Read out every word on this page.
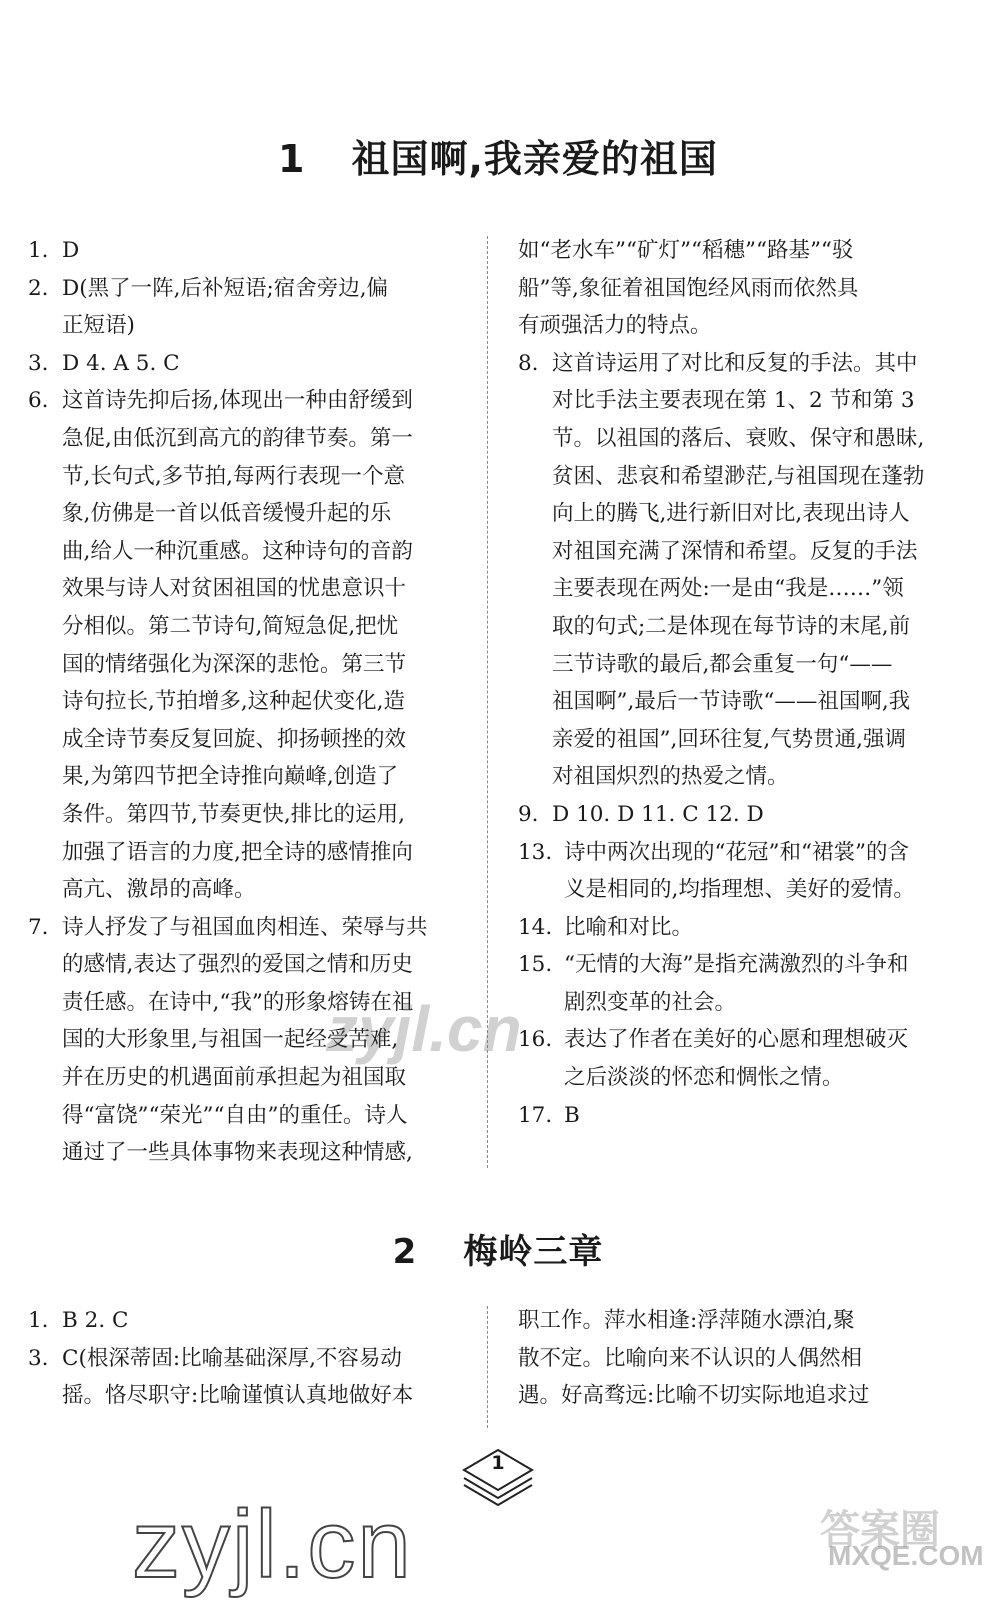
1 祖国啊,我亲爱的祖国
1. D
2. D(黑了一阵,后补短语;宿舍旁边,偏
正短语)
3. D 4. A 5. C
6. 这首诗先抑后扬,体现出一种由舒缓到
急促,由低沉到高亢的韵律节奏。第一
节,长句式,多节拍,每两行表现一个意
象,仿佛是一首以低音缓慢升起的乐
曲,给人一种沉重感。这种诗句的音韵
效果与诗人对贫困祖国的忧患意识十
分相似。第二节诗句,简短急促,把忧
国的情绪强化为深深的悲怆。第三节
诗句拉长,节拍增多,这种起伏变化,造
成全诗节奏反复回旋、抑扬顿挫的效
果,为第四节把全诗推向巅峰,创造了
条件。第四节,节奏更快,排比的运用,
加强了语言的力度,把全诗的感情推向
高亢、激昂的高峰。
7. 诗人抒发了与祖国血肉相连、荣辱与共
的感情,表达了强烈的爱国之情和历史
责任感。在诗中,“我”的形象熔铸在祖
国的大形象里,与祖国一起经受苦难,
并在历史的机遇面前承担起为祖国取
得“富饶”“荣光”“自由”的重任。诗人
通过了一些具体事物来表现这种情感,
如“老水车”“矿灯”“稻穗”“路基”“驳
船”等,象征着祖国饱经风雨而依然具
有顽强活力的特点。
8. 这首诗运用了对比和反复的手法。其中
对比手法主要表现在第 1、2 节和第 3
节。以祖国的落后、衰败、保守和愚昧,
贫困、悲哀和希望渺茫,与祖国现在蓬勃
向上的腾飞,进行新旧对比,表现出诗人
对祖国充满了深情和希望。反复的手法
主要表现在两处:一是由“我是……”领
取的句式;二是体现在每节诗的末尾,前
三节诗歌的最后,都会重复一句“——
祖国啊”,最后一节诗歌“——祖国啊,我
亲爱的祖国”,回环往复,气势贯通,强调
对祖国炽烈的热爱之情。
9. D 10. D 11. C 12. D
13. 诗中两次出现的“花冠”和“裙裳”的含
义是相同的,均指理想、美好的爱情。
14. 比喻和对比。
15. “无情的大海”是指充满激烈的斗争和
剧烈变革的社会。
16. 表达了作者在美好的心愿和理想破灭
之后淡淡的怀恋和惆怅之情。
17. B
2 梅岭三章
1. B 2. C
3. C(根深蒂固:比喻基础深厚,不容易动
摇。恪尽职守:比喻谨慎认真地做好本
职工作。萍水相逢:浮萍随水漂泊,聚
散不定。比喻向来不认识的人偶然相
遇。好高骛远:比喻不切实际地追求过
1
zyjl.cn
zyjl.cn	答案圈
MXQE.COM
